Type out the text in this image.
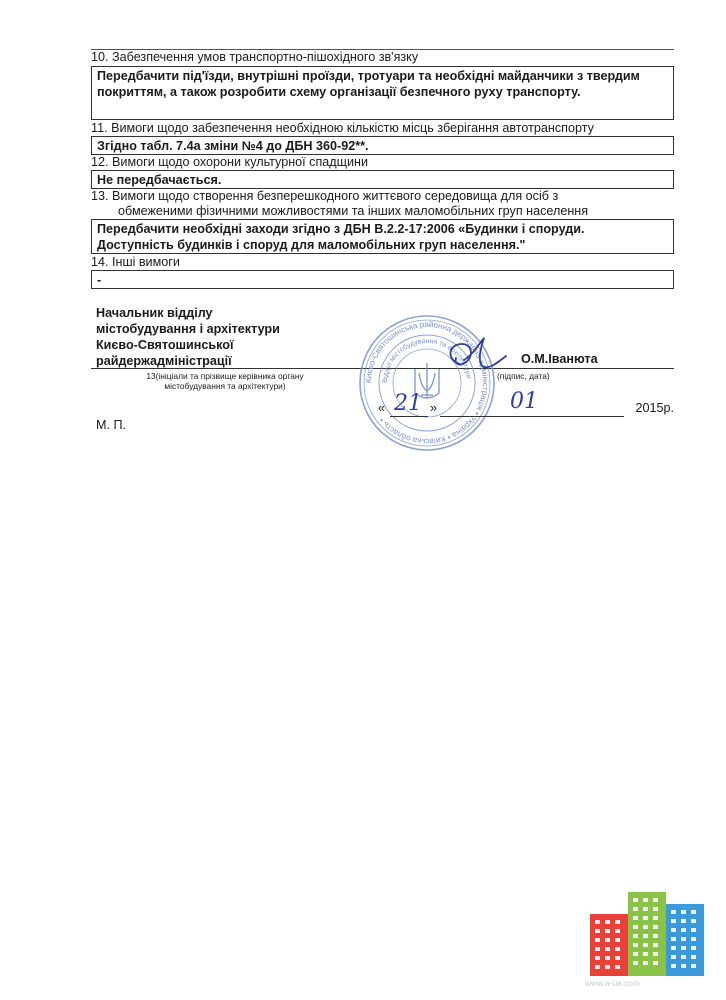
10. Забезпечення умов транспортно-пішохідного зв'язку

Передбачити під'їзди, внутрішні проїзди, тротуари та необхідні майданчики з твердим покриттям, а також розробити схему організації безпечного руху транспорту.

11. Вимоги щодо забезпечення необхідною кількістю місць зберігання автотранспорту

Згідно табл. 7.4а зміни №4 до ДБН 360-92**.

12. Вимоги щодо охорони культурної спадщини

Не передбачається.

13. Вимоги щодо створення безперешкодного життєвого середовища для осіб з
обмеженими фізичними можливостями та інших маломобільних груп населення

Передбачити необхідні заходи згідно з ДБН В.2.2-17:2006 «Будинки і споруди.

Доступність будинків і споруд для маломобільних груп населення."

14. Інші вимоги

-

Начальник відділу
містобудування і архітектури
Києво-Святошинської
райдержадміністрації	О.М.Іванюта
13(ініціали та прізвище керівника органу містобудування та архітектури)
(підпис, дата)
Києво-Святошинська районна державна адміністрація • Україна • Київська область •
Відділ містобудування та архітектури
« 21 »	01	2015р.
М. П.
www.a-ua.com
